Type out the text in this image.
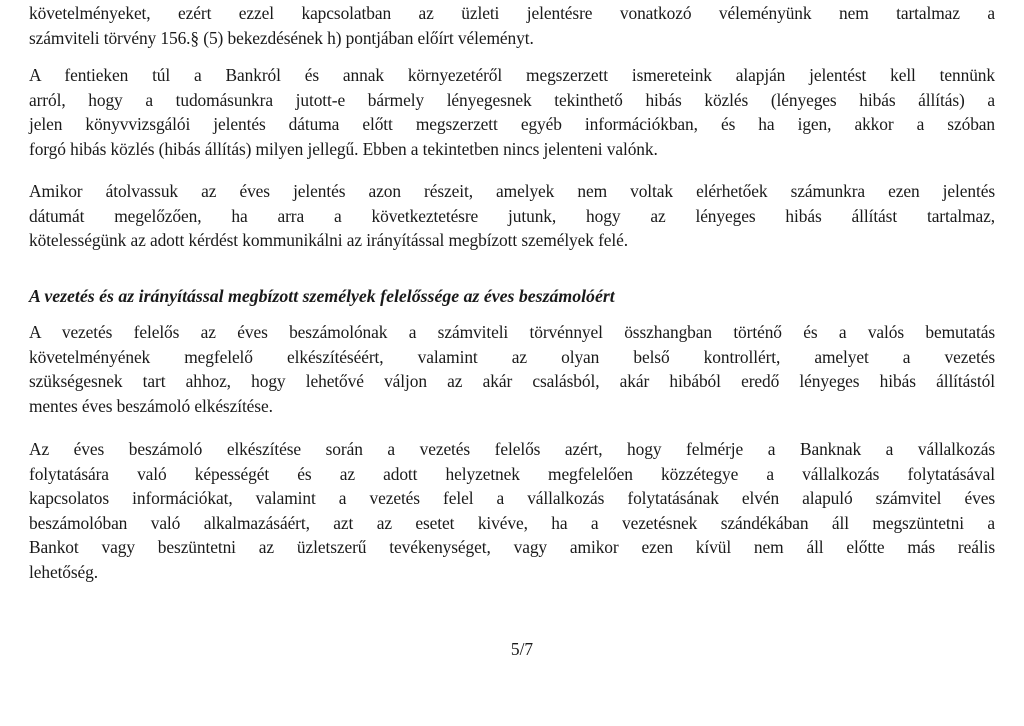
követelményeket, ezért ezzel kapcsolatban az üzleti jelentésre vonatkozó véleményünk nem tartalmaz a
számviteli törvény 156.§ (5) bekezdésének h) pontjában előírt véleményt.

A fentieken túl a Bankról és annak környezetéről megszerzett ismereteink alapján jelentést kell tennünk
arról, hogy a tudomásunkra jutott-e bármely lényegesnek tekinthető hibás közlés (lényeges hibás állítás) a
jelen könyvvizsgálói jelentés dátuma előtt megszerzett egyéb információkban, és ha igen, akkor a szóban
forgó hibás közlés (hibás állítás) milyen jellegű. Ebben a tekintetben nincs jelenteni valónk.

Amikor átolvassuk az éves jelentés azon részeit, amelyek nem voltak elérhetőek számunkra ezen jelentés
dátumát megelőzően, ha arra a következtetésre jutunk, hogy az lényeges hibás állítást tartalmaz,
kötelességünk az adott kérdést kommunikálni az irányítással megbízott személyek felé.

A vezetés és az irányítással megbízott személyek felelőssége az éves beszámolóért

A vezetés felelős az éves beszámolónak a számviteli törvénnyel összhangban történő és a valós bemutatás
követelményének megfelelő elkészítéséért, valamint az olyan belső kontrollért, amelyet a vezetés
szükségesnek tart ahhoz, hogy lehetővé váljon az akár csalásból, akár hibából eredő lényeges hibás állítástól
mentes éves beszámoló elkészítése.

Az éves beszámoló elkészítése során a vezetés felelős azért, hogy felmérje a Banknak a vállalkozás
folytatására való képességét és az adott helyzetnek megfelelően közzétegye a vállalkozás folytatásával
kapcsolatos információkat, valamint a vezetés felel a vállalkozás folytatásának elvén alapuló számvitel éves
beszámolóban való alkalmazásáért, azt az esetet kivéve, ha a vezetésnek szándékában áll megszüntetni a
Bankot vagy beszüntetni az üzletszerű tevékenységet, vagy amikor ezen kívül nem áll előtte más reális
lehetőség.

5/7
